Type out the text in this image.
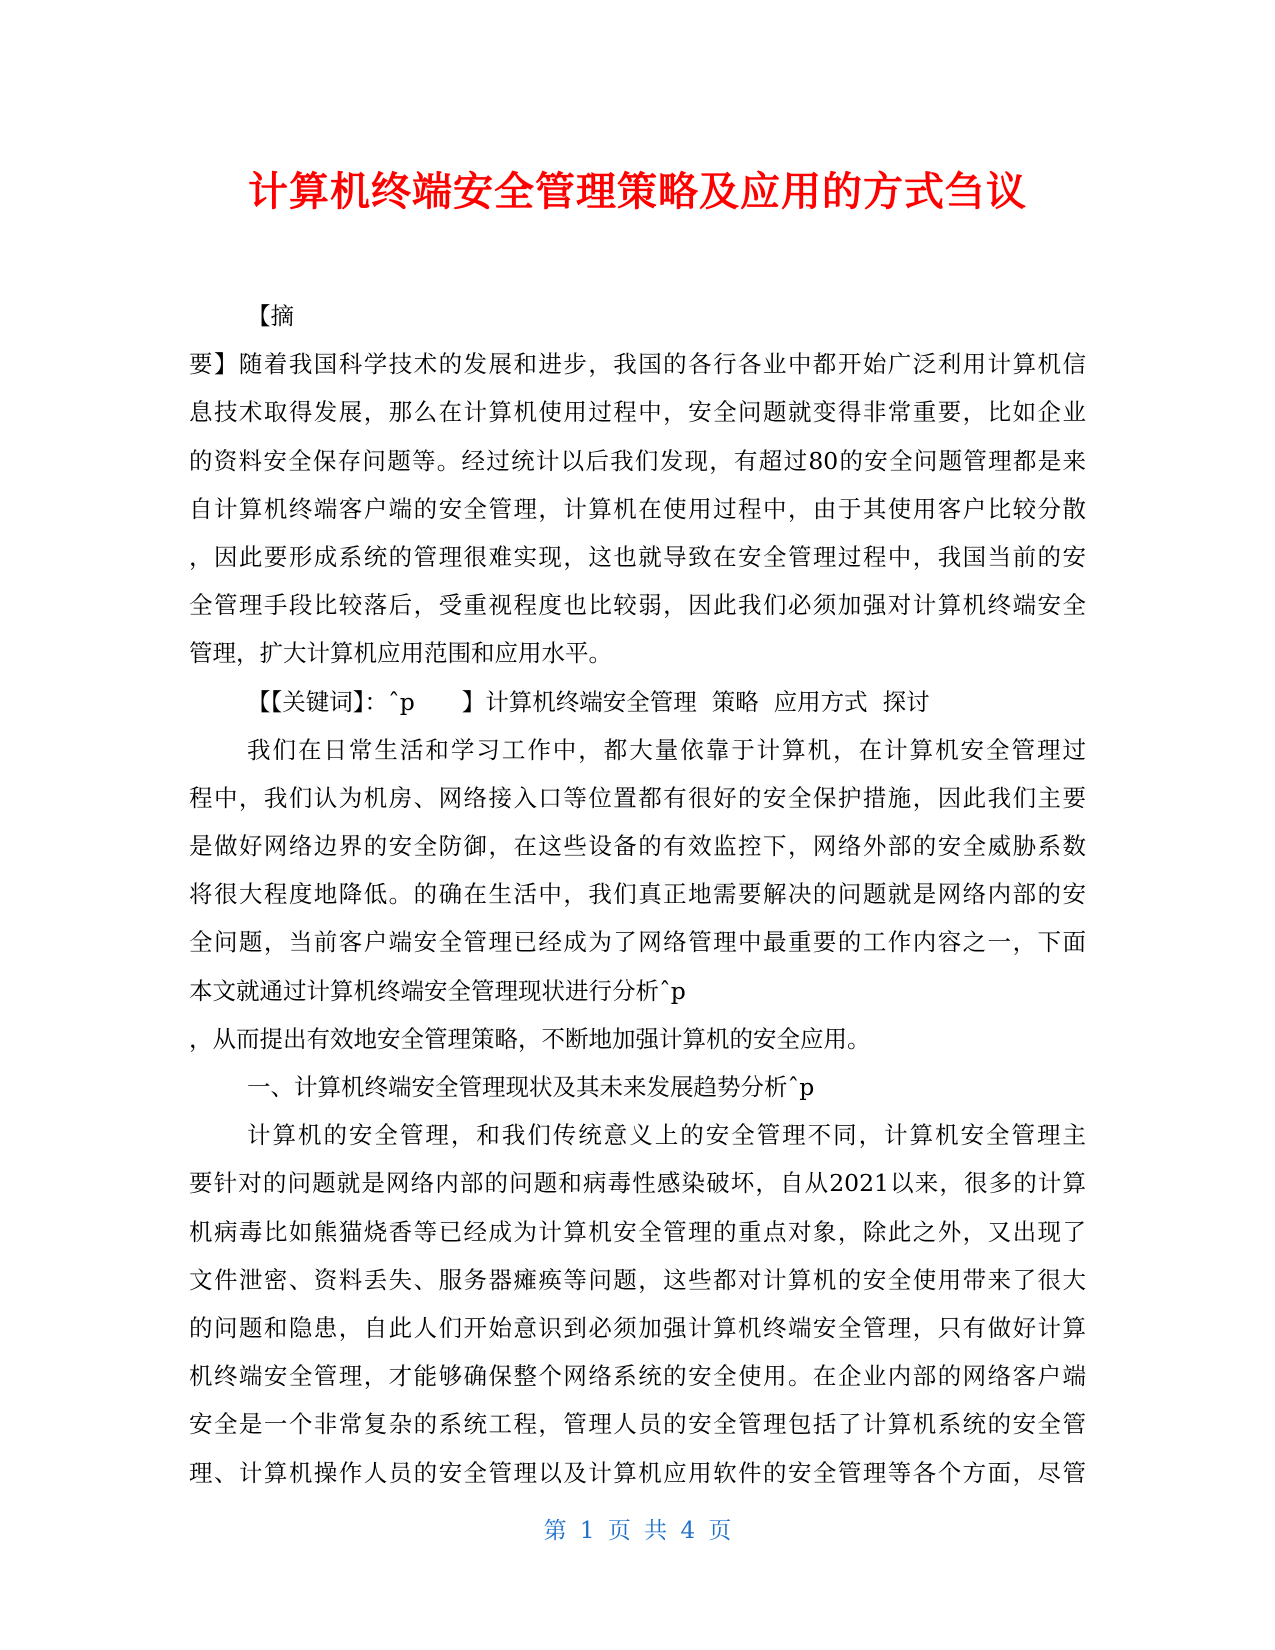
计算机终端安全管理策略及应用的方式刍议
【摘
要】随着我国科学技术的发展和进步，我国的各行各业中都开始广泛利用计算机信
息技术取得发展，那么在计算机使用过程中，安全问题就变得非常重要，比如企业
的资料安全保存问题等。经过统计以后我们发现，有超过80的安全问题管理都是来
自计算机终端客户端的安全管理，计算机在使用过程中，由于其使用客户比较分散
，因此要形成系统的管理很难实现，这也就导致在安全管理过程中，我国当前的安
全管理手段比较落后，受重视程度也比较弱，因此我们必须加强对计算机终端安全
管理，扩大计算机应用范围和应用水平。
【【关键词】：ˆp　　】计算机终端安全管理  策略  应用方式  探讨
我们在日常生活和学习工作中，都大量依靠于计算机，在计算机安全管理过
程中，我们认为机房、网络接入口等位置都有很好的安全保护措施，因此我们主要
是做好网络边界的安全防御，在这些设备的有效监控下，网络外部的安全威胁系数
将很大程度地降低。的确在生活中，我们真正地需要解决的问题就是网络内部的安
全问题，当前客户端安全管理已经成为了网络管理中最重要的工作内容之一，下面
本文就通过计算机终端安全管理现状进行分析ˆp
，从而提出有效地安全管理策略，不断地加强计算机的安全应用。
一、计算机终端安全管理现状及其未来发展趋势分析ˆp
计算机的安全管理，和我们传统意义上的安全管理不同，计算机安全管理主
要针对的问题就是网络内部的问题和病毒性感染破坏，自从2021以来，很多的计算
机病毒比如熊猫烧香等已经成为计算机安全管理的重点对象，除此之外，又出现了
文件泄密、资料丢失、服务器瘫痪等问题，这些都对计算机的安全使用带来了很大
的问题和隐患，自此人们开始意识到必须加强计算机终端安全管理，只有做好计算
机终端安全管理，才能够确保整个网络系统的安全使用。在企业内部的网络客户端
安全是一个非常复杂的系统工程，管理人员的安全管理包括了计算机系统的安全管
理、计算机操作人员的安全管理以及计算机应用软件的安全管理等各个方面，尽管
第 1 页 共 4 页
